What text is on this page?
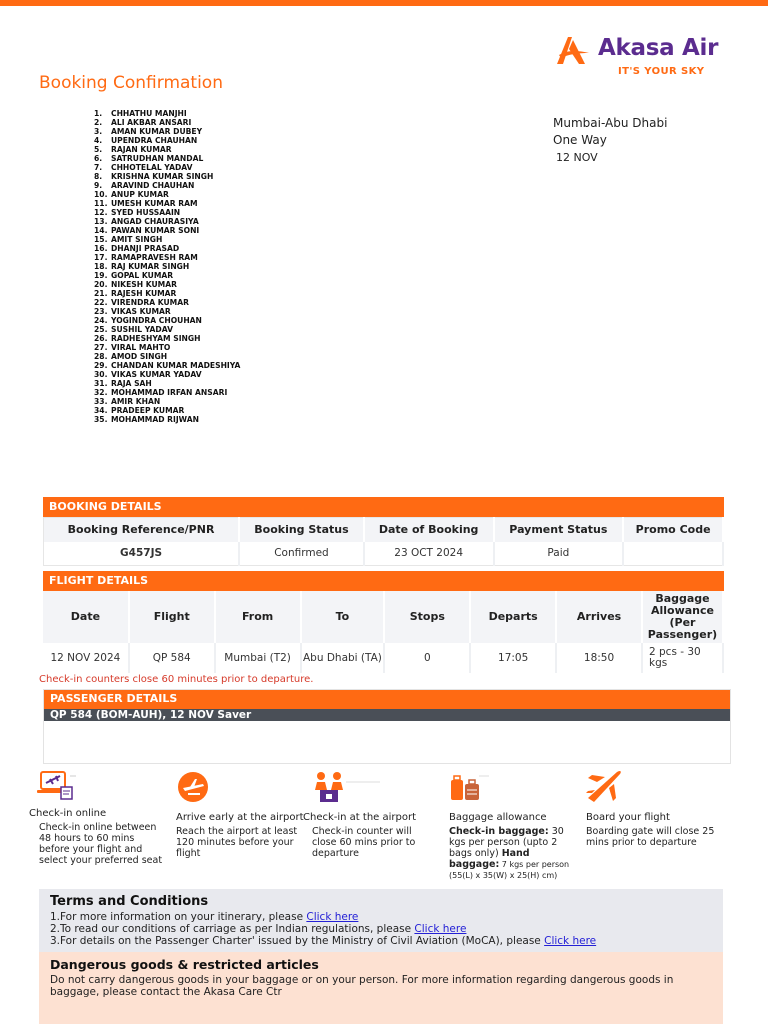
Akasa Air
IT'S YOUR SKY
Booking Confirmation
1.	CHHATHU MANJHI
2.	ALI AKBAR ANSARI
3.	AMAN KUMAR DUBEY
4.	UPENDRA CHAUHAN
5.	RAJAN KUMAR
6.	SATRUDHAN MANDAL
7.	CHHOTELAL YADAV
8.	KRISHNA KUMAR SINGH
9.	ARAVIND CHAUHAN
10. ANUP KUMAR
11. UMESH KUMAR RAM
12. SYED HUSSAAIN
13. ANGAD CHAURASIYA
14. PAWAN KUMAR SONI
15. AMIT SINGH
16. DHANJI PRASAD
17. RAMAPRAVESH RAM
18. RAJ KUMAR SINGH
19. GOPAL KUMAR
20. NIKESH KUMAR
21. RAJESH KUMAR
22. VIRENDRA KUMAR
23. VIKAS KUMAR
24. YOGINDRA CHOUHAN
25. SUSHIL YADAV
26. RADHESHYAM SINGH
27. VIRAL MAHTO
28. AMOD SINGH
29. CHANDAN KUMAR MADESHIYA
30. VIKAS KUMAR YADAV
31. RAJA SAH
32. MOHAMMAD IRFAN ANSARI
33. AMIR KHAN
34. PRADEEP KUMAR
35. MOHAMMAD RIJWAN
Mumbai-Abu Dhabi
One Way
12 NOV
BOOKING DETAILS
Booking Reference/PNR	Booking Status	Date of Booking	Payment Status	Promo Code
G457JS	Confirmed	23 OCT 2024	Paid	
FLIGHT DETAILS
Date	Flight	From	To	Stops	Departs	Arrives	Baggage Allowance (Per Passenger)
12 NOV 2024	QP 584	Mumbai (T2)	Abu Dhabi (TA)	0	17:05	18:50	2 pcs - 30 kgs
Check-in counters close 60 minutes prior to departure.
PASSENGER DETAILS
QP 584 (BOM-AUH), 12 NOV Saver
Check-in online
Check-in online between 48 hours to 60 mins before your flight and select your preferred seat
Arrive early at the airport
Reach the airport at least 120 minutes before your flight
Check-in at the airport
Check-in counter will close 60 mins prior to departure
Baggage allowance
Check-in baggage: 30 kgs per person (upto 2 bags only) Hand baggage: 7 kgs per person (55(L) x 35(W) x 25(H) cm)
Board your flight
Boarding gate will close 25 mins prior to departure
Terms and Conditions
1.For more information on your itinerary, please Click here
2.To read our conditions of carriage as per Indian regulations, please Click here
3.For details on the Passenger Charter' issued by the Ministry of Civil Aviation (MoCA), please Click here
Dangerous goods & restricted articles
Do not carry dangerous goods in your baggage or on your person. For more information regarding dangerous goods in baggage, please contact the Akasa Care Ctr
